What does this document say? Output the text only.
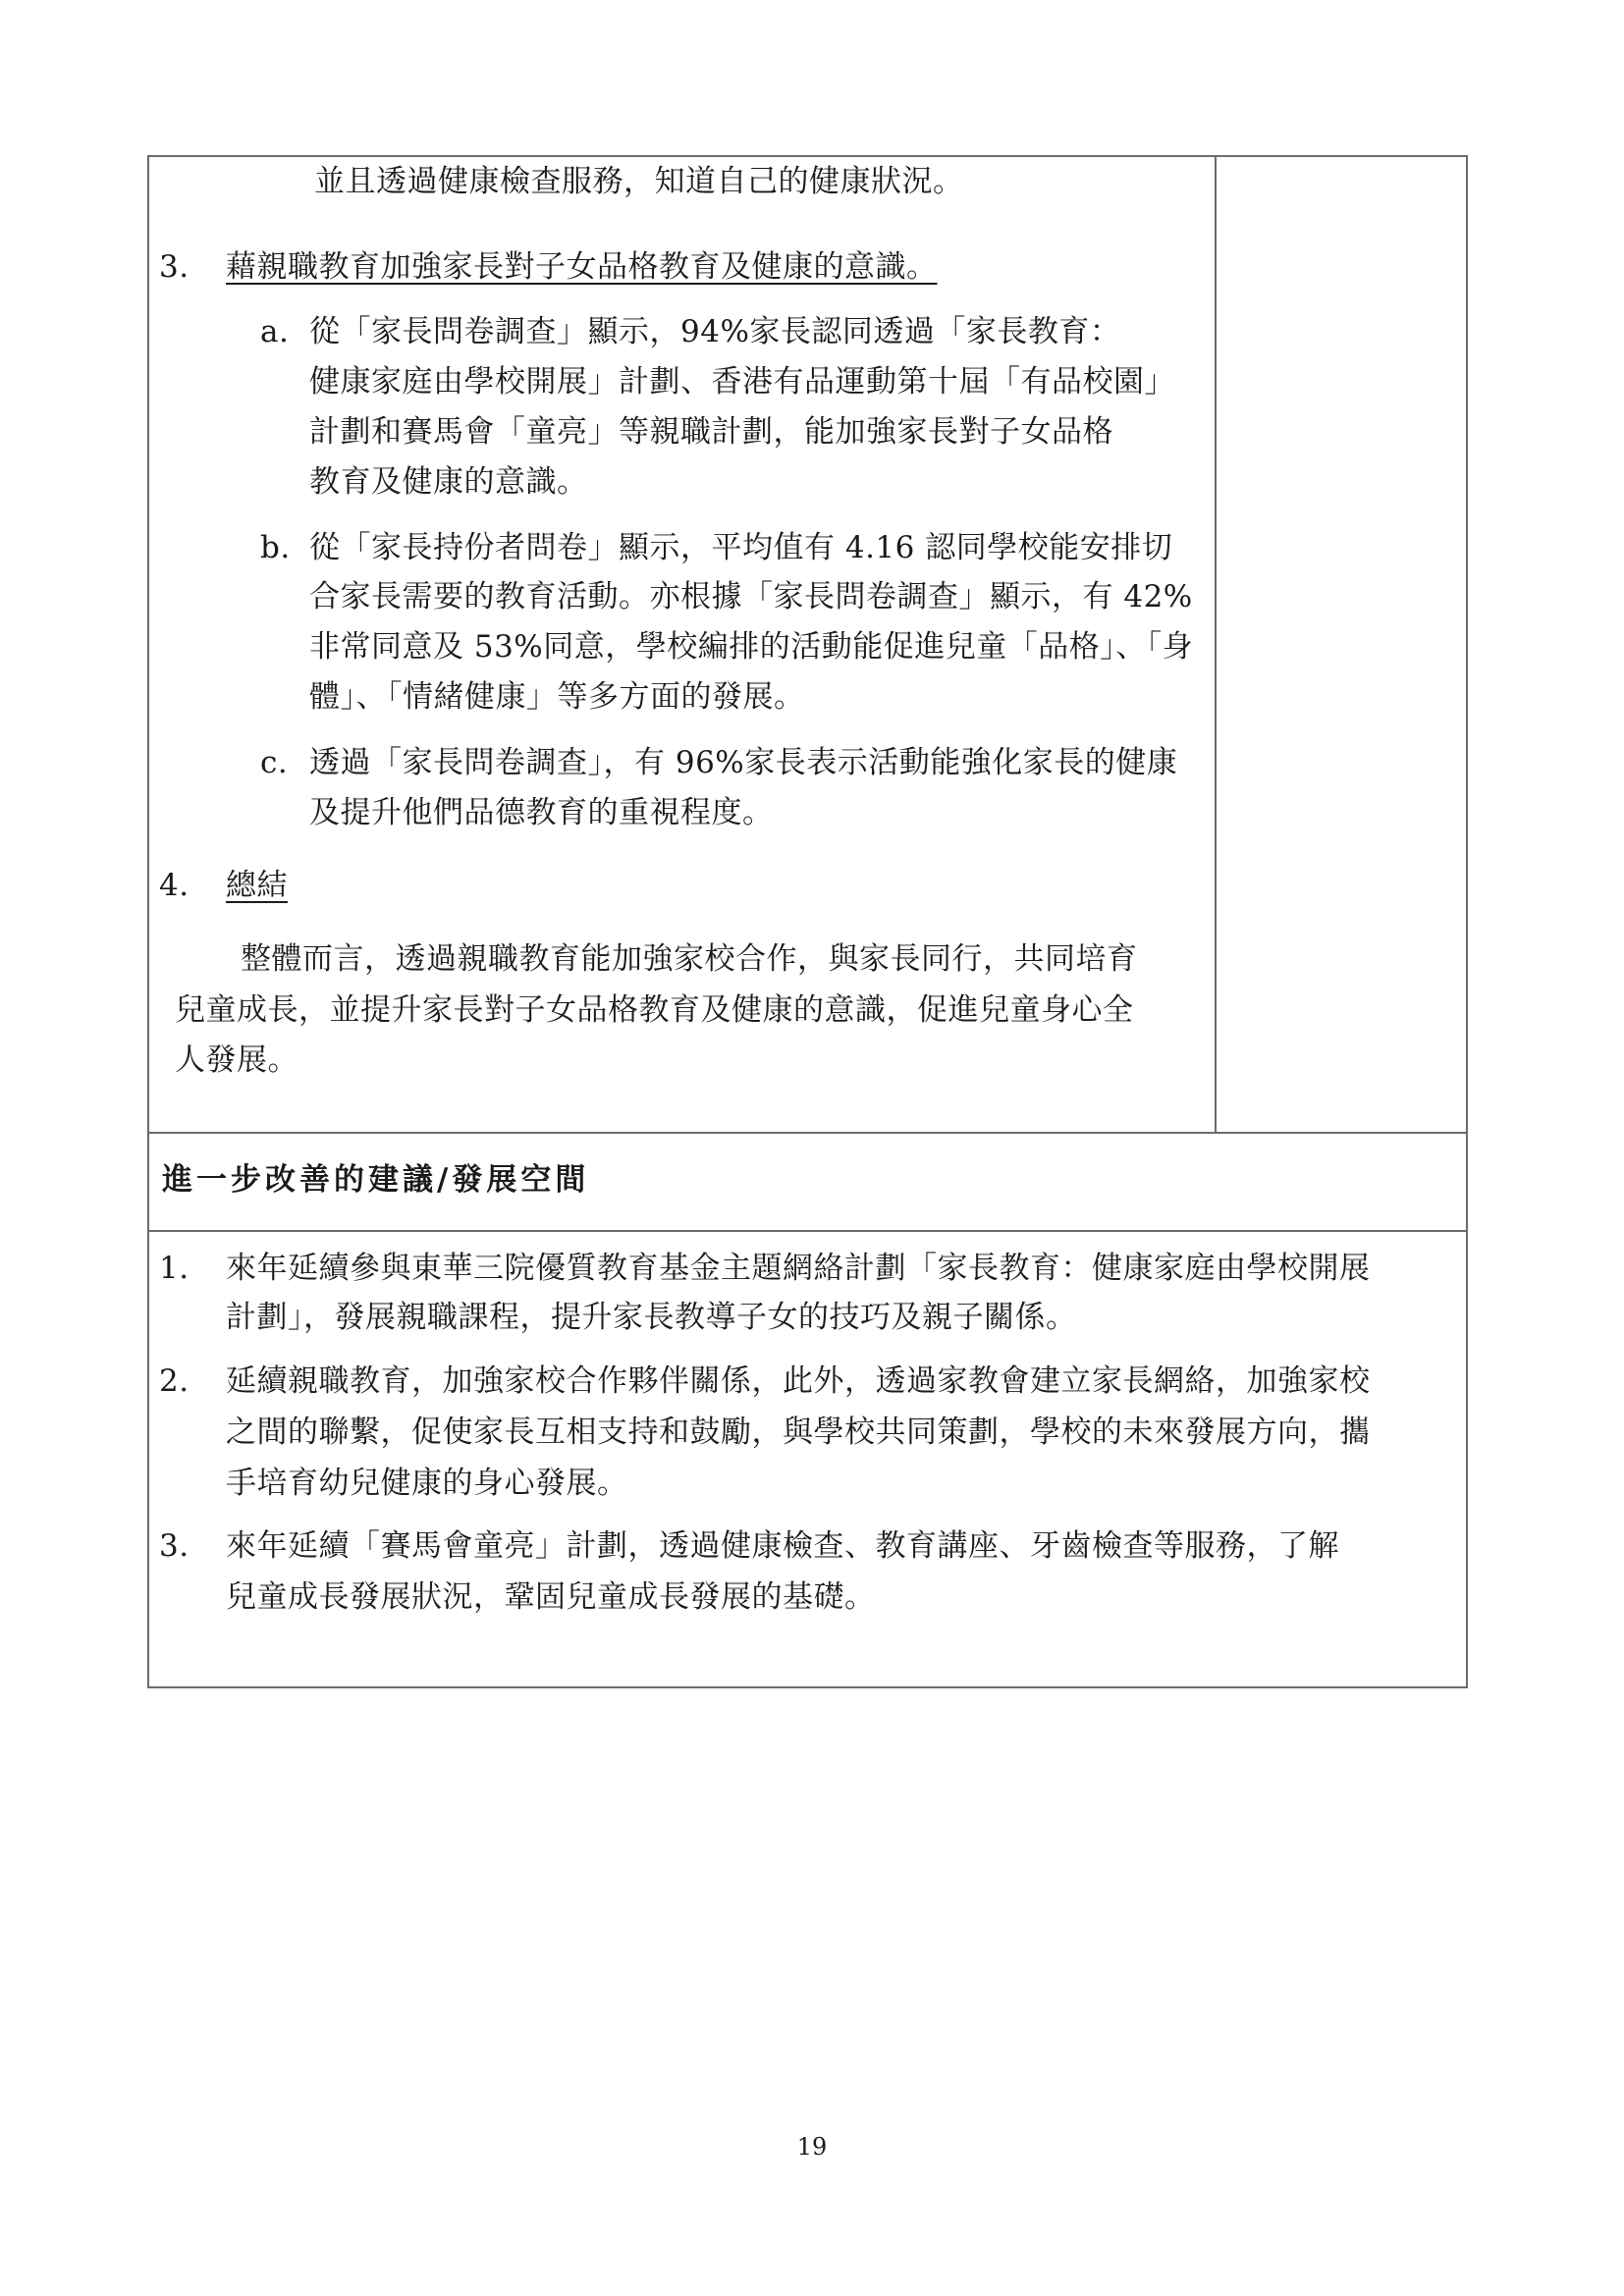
並且透過健康檢查服務，知道自己的健康狀況。
3. 藉親職教育加強家長對子女品格教育及健康的意識。
a. 從「家長問卷調查」顯示，94%家長認同透過「家長教育：
健康家庭由學校開展」計劃、香港有品運動第十屆「有品校園」
計劃和賽馬會「童亮」等親職計劃，能加強家長對子女品格
教育及健康的意識。
b. 從「家長持份者問卷」顯示，平均值有 4.16 認同學校能安排切
合家長需要的教育活動。亦根據「家長問卷調查」顯示，有 42%
非常同意及 53%同意，學校編排的活動能促進兒童「品格」、「身
體」、「情緒健康」等多方面的發展。
c. 透過「家長問卷調查」，有 96%家長表示活動能強化家長的健康
及提升他們品德教育的重視程度。
4. 總結
整體而言，透過親職教育能加強家校合作，與家長同行，共同培育
兒童成長，並提升家長對子女品格教育及健康的意識，促進兒童身心全
人發展。
進一步改善的建議/發展空間
1. 來年延續參與東華三院優質教育基金主題網絡計劃「家長教育：健康家庭由學校開展
計劃」，發展親職課程，提升家長教導子女的技巧及親子關係。
2. 延續親職教育，加強家校合作夥伴關係，此外，透過家教會建立家長網絡，加強家校
之間的聯繫，促使家長互相支持和鼓勵，與學校共同策劃，學校的未來發展方向，攜
手培育幼兒健康的身心發展。
3. 來年延續「賽馬會童亮」計劃，透過健康檢查、教育講座、牙齒檢查等服務，了解
兒童成長發展狀況，鞏固兒童成長發展的基礎。
19
